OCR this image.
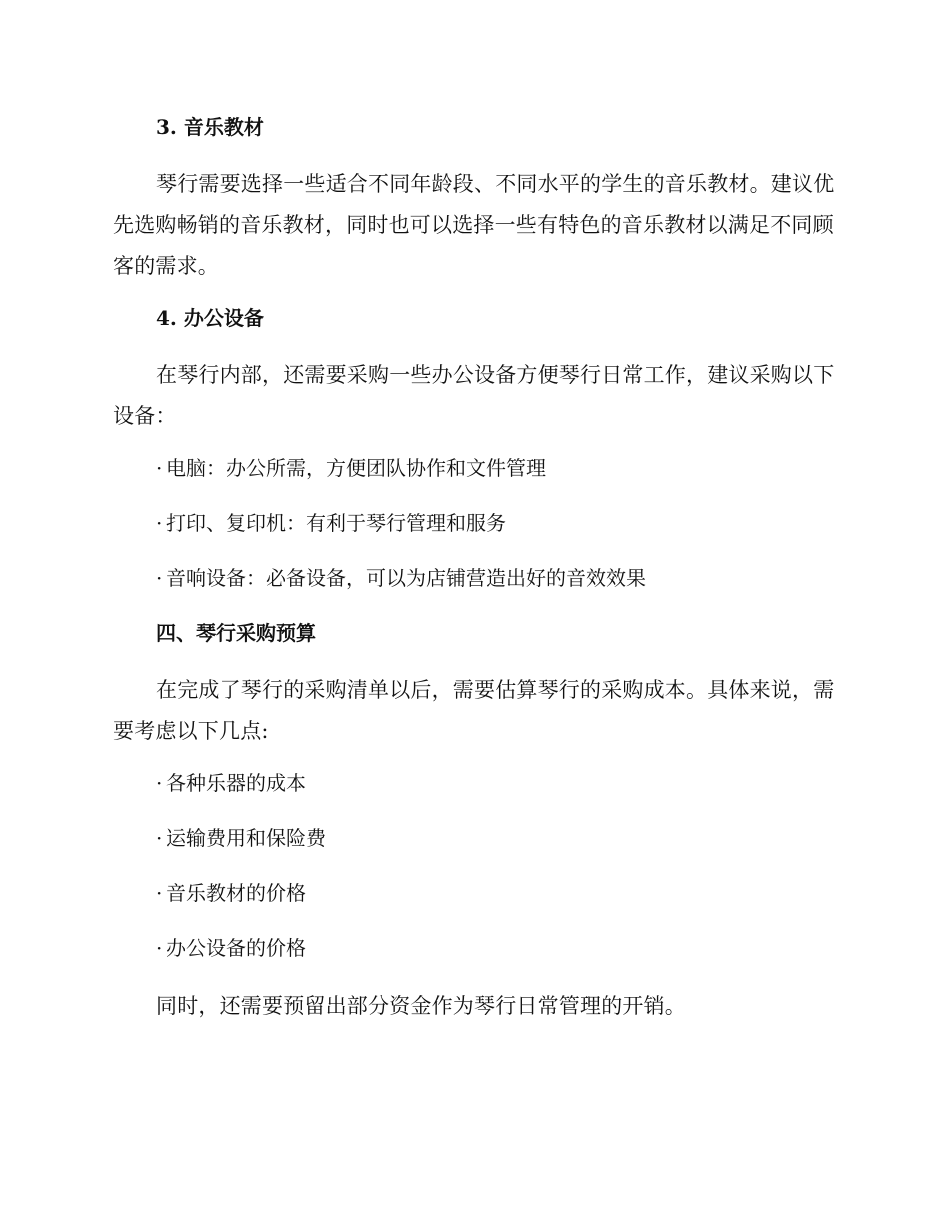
3. 音乐教材
琴行需要选择一些适合不同年龄段、不同水平的学生的音乐教材。建议优先选购畅销的音乐教材，同时也可以选择一些有特色的音乐教材以满足不同顾客的需求。
4. 办公设备
在琴行内部，还需要采购一些办公设备方便琴行日常工作，建议采购以下设备：
· 电脑：办公所需，方便团队协作和文件管理
· 打印、复印机：有利于琴行管理和服务
· 音响设备：必备设备，可以为店铺营造出好的音效效果
四、琴行采购预算
在完成了琴行的采购清单以后，需要估算琴行的采购成本。具体来说，需要考虑以下几点:
· 各种乐器的成本
· 运输费用和保险费
· 音乐教材的价格
· 办公设备的价格
同时，还需要预留出部分资金作为琴行日常管理的开销。
